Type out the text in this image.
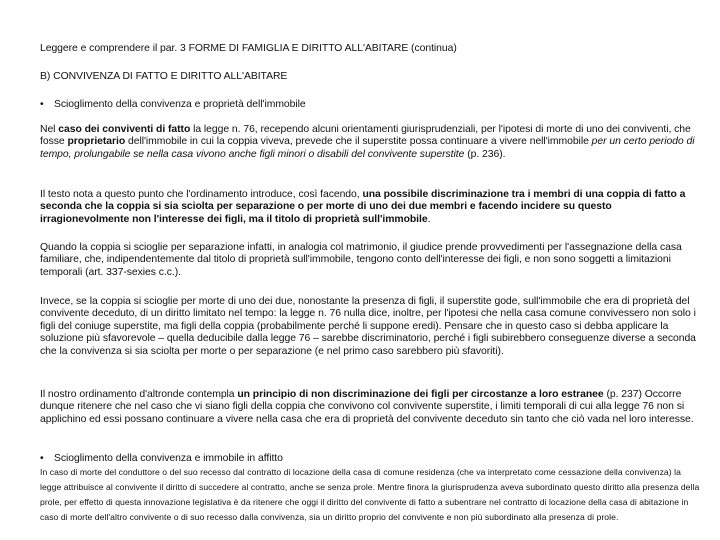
Leggere e comprendere il par. 3 FORME DI FAMIGLIA E DIRITTO ALL'ABITARE (continua)
B) CONVIVENZA DI FATTO E DIRITTO ALL'ABITARE
• Scioglimento della convivenza e proprietà dell'immobile
Nel caso dei conviventi di fatto la legge n. 76, recependo alcuni orientamenti giurisprudenziali, per l'ipotesi di morte di uno dei conviventi, che fosse proprietario dell'immobile in cui la coppia viveva, prevede che il superstite possa continuare a vivere nell'immobile per un certo periodo di tempo, prolungabile se nella casa vivono anche figli minori o disabili del convivente superstite (p. 236).
Il testo nota a questo punto che l'ordinamento introduce, così facendo, una possibile discriminazione tra i membri di una coppia di fatto a seconda che la coppia si sia sciolta per separazione o per morte di uno dei due membri e facendo incidere su questo irragionevolmente non l'interesse dei figli, ma il titolo di proprietà sull'immobile.
Quando la coppia si scioglie per separazione infatti, in analogia col matrimonio, il giudice prende provvedimenti per l'assegnazione della casa familiare, che, indipendentemente dal titolo di proprietà sull'immobile, tengono conto dell'interesse dei figli, e non sono soggetti a limitazioni temporali (art. 337-sexies c.c.).
Invece, se la coppia si scioglie per morte di uno dei due, nonostante la presenza di figli, il superstite gode, sull'immobile che era di proprietà del convivente deceduto, di un diritto limitato nel tempo: la legge n. 76 nulla dice, inoltre, per l'ipotesi che nella casa comune convivessero non solo i figli del coniuge superstite, ma figli della coppia (probabilmente perché li suppone eredi). Pensare che in questo caso si debba applicare la soluzione più sfavorevole – quella deducibile dalla legge 76 – sarebbe discriminatorio, perché i figli subirebbero conseguenze diverse a seconda che la convivenza si sia sciolta per morte o per separazione (e nel primo caso sarebbero più sfavoriti).
Il nostro ordinamento d'altronde contempla un principio di non discriminazione dei figli per circostanze a loro estranee (p. 237) Occorre dunque ritenere che nel caso che vi siano figli della coppia che convivono col convivente superstite, i limiti temporali di cui alla legge 76 non si applichino ed essi possano continuare a vivere nella casa che era di proprietà del convivente deceduto sin tanto che ciò vada nel loro interesse.
• Scioglimento della convivenza e immobile in affitto
In caso di morte del conduttore o del suo recesso dal contratto di locazione della casa di comune residenza (che va interpretato come cessazione della convivenza) la legge attribuisce al convivente il diritto di succedere al contratto, anche se senza prole. Mentre finora la giurisprudenza aveva subordinato questo diritto alla presenza della prole, per effetto di questa innovazione legislativa è da ritenere che oggi il diritto del convivente di fatto a subentrare nel contratto di locazione della casa di abitazione in caso di morte dell'altro convivente o di suo recesso dalla convivenza, sia un diritto proprio del convivente e non più subordinato alla presenza di prole.
